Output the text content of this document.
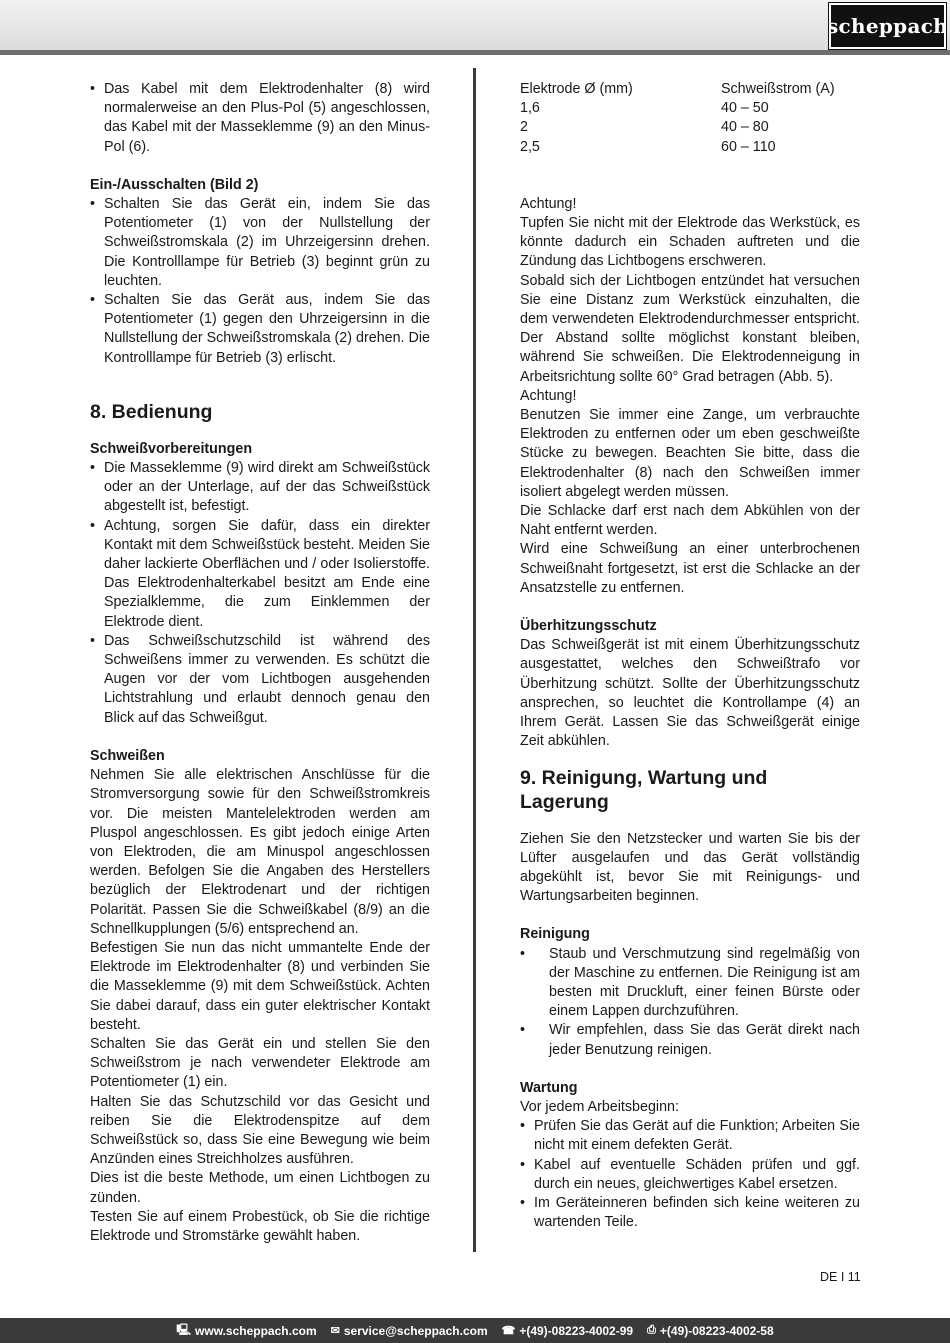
scheppach

• Das Kabel mit dem Elektrodenhalter (8) wird normalerweise an den Plus-Pol (5) angeschlossen, das Kabel mit der Masseklemme (9) an den Minus- Pol (6).

Ein-/Ausschalten (Bild 2)

• Schalten Sie das Gerät ein, indem Sie das Potentiometer (1) von der Nullstellung der Schweißstromskala (2) im Uhrzeigersinn drehen. Die Kontrolllampe für Betrieb (3) beginnt grün zu leuchten.

• Schalten Sie das Gerät aus, indem Sie das Potentiometer (1) gegen den Uhrzeigersinn in die Nullstellung der Schweißstromskala (2) drehen. Die Kontrolllampe für Betrieb (3) erlischt.

8. Bedienung

Schweißvorbereitungen

• Die Masseklemme (9) wird direkt am Schweißstück oder an der Unterlage, auf der das Schweißstück abgestellt ist, befestigt.

• Achtung, sorgen Sie dafür, dass ein direkter Kontakt mit dem Schweißstück besteht. Meiden Sie daher lackierte Oberflächen und / oder Isolierstoffe. Das Elektrodenhalterkabel besitzt am Ende eine Spezialklemme, die zum Einklemmen der Elektrode dient.

• Das Schweißschutzschild ist während des Schweißens immer zu verwenden. Es schützt die Augen vor der vom Lichtbogen ausgehenden Lichtstrahlung und erlaubt dennoch genau den Blick auf das Schweißgut.

Schweißen

Nehmen Sie alle elektrischen Anschlüsse für die Stromversorgung sowie für den Schweißstromkreis vor. Die meisten Mantelelektroden werden am Pluspol angeschlossen. Es gibt jedoch einige Arten von Elektroden, die am Minuspol angeschlossen werden. Befolgen Sie die Angaben des Herstellers bezüglich der Elektrodenart und der richtigen Polarität. Passen Sie die Schweißkabel (8/9) an die Schnellkupplungen (5/6) entsprechend an.

Befestigen Sie nun das nicht ummantelte Ende der Elektrode im Elektrodenhalter (8) und verbinden Sie die Masseklemme (9) mit dem Schweißstück. Achten Sie dabei darauf, dass ein guter elektrischer Kontakt besteht.

Schalten Sie das Gerät ein und stellen Sie den Schweißstrom je nach verwendeter Elektrode am Potentiometer (1) ein.

Halten Sie das Schutzschild vor das Gesicht und reiben Sie die Elektrodenspitze auf dem Schweißstück so, dass Sie eine Bewegung wie beim Anzünden eines Streichholzes ausführen.

Dies ist die beste Methode, um einen Lichtbogen zu zünden.

Testen Sie auf einem Probestück, ob Sie die richtige Elektrode und Stromstärke gewählt haben.

Elektrode Ø (mm)	Schweißstrom (A)
1,6	40 – 50
2	40 – 80
2,5	60 – 110

Achtung!

Tupfen Sie nicht mit der Elektrode das Werkstück, es könnte dadurch ein Schaden auftreten und die Zündung das Lichtbogens erschweren.

Sobald sich der Lichtbogen entzündet hat versuchen Sie eine Distanz zum Werkstück einzuhalten, die dem verwendeten Elektrodendurchmesser entspricht. Der Abstand sollte möglichst konstant bleiben, während Sie schweißen. Die Elektrodenneigung in Arbeitsrichtung sollte 60° Grad betragen (Abb. 5).

Achtung!

Benutzen Sie immer eine Zange, um verbrauchte Elektroden zu entfernen oder um eben geschweißte Stücke zu bewegen. Beachten Sie bitte, dass die Elektrodenhalter (8) nach den Schweißen immer isoliert abgelegt werden müssen.

Die Schlacke darf erst nach dem Abkühlen von der Naht entfernt werden.

Wird eine Schweißung an einer unterbrochenen Schweißnaht fortgesetzt, ist erst die Schlacke an der Ansatzstelle zu entfernen.

Überhitzungsschutz

Das Schweißgerät ist mit einem Überhitzungsschutz ausgestattet, welches den Schweißtrafo vor Überhitzung schützt. Sollte der Überhitzungsschutz ansprechen, so leuchtet die Kontrollampe (4) an Ihrem Gerät. Lassen Sie das Schweißgerät einige Zeit abkühlen.

9. Reinigung, Wartung und Lagerung

Ziehen Sie den Netzstecker und warten Sie bis der Lüfter ausgelaufen und das Gerät vollständig abgekühlt ist, bevor Sie mit Reinigungs- und Wartungsarbeiten beginnen.

Reinigung

• Staub und Verschmutzung sind regelmäßig von der Maschine zu entfernen. Die Reinigung ist am besten mit Druckluft, einer feinen Bürste oder einem Lappen durchzuführen.

• Wir empfehlen, dass Sie das Gerät direkt nach jeder Benutzung reinigen.

Wartung

Vor jedem Arbeitsbeginn:

• Prüfen Sie das Gerät auf die Funktion; Arbeiten Sie nicht mit einem defekten Gerät.

• Kabel auf eventuelle Schäden prüfen und ggf. durch ein neues, gleichwertiges Kabel ersetzen.

• Im Geräteinneren befinden sich keine weiteren zu wartenden Teile.

DE I 11
🖳 www.scheppach.com ✉ service@scheppach.com ☎ +(49)-08223-4002-99 ⎙ +(49)-08223-4002-58
